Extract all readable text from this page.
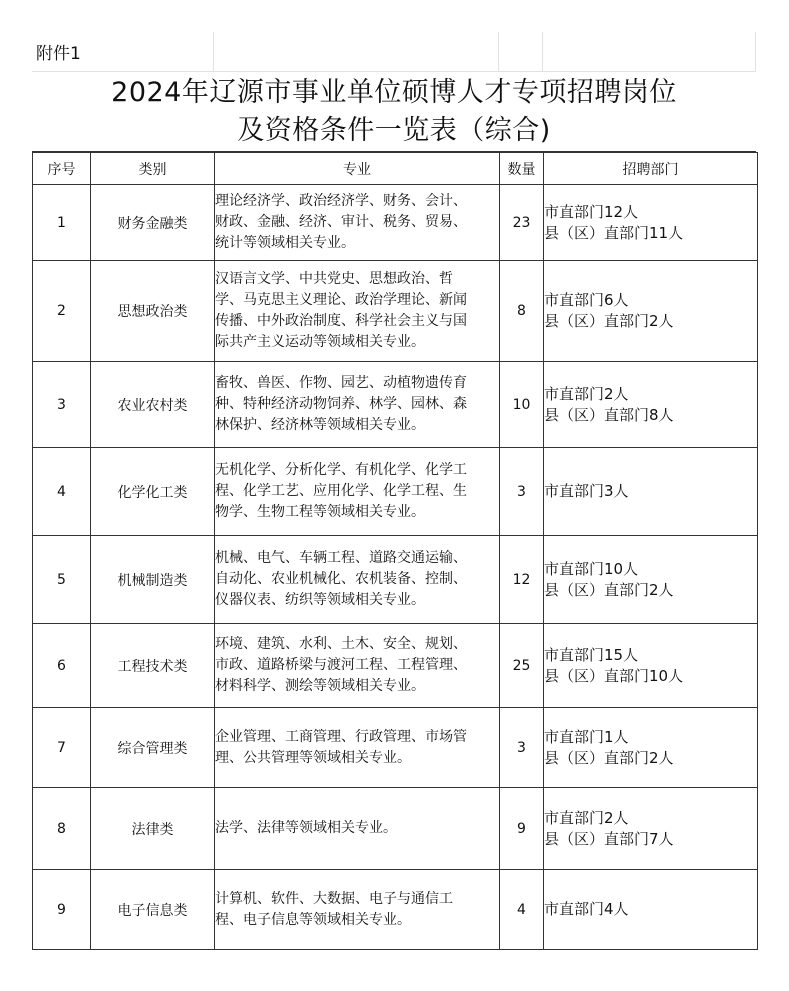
附件1
2024年辽源市事业单位硕博人才专项招聘岗位
及资格条件一览表（综合)
序号	类别	专业	数量	招聘部门
1	财务金融类	理论经济学、政治经济学、财务、会计、
财政、金融、经济、审计、税务、贸易、
统计等领域相关专业。	23	市直部门12人
县（区）直部门11人

2	思想政治类	汉语言文学、中共党史、思想政治、哲
学、马克思主义理论、政治学理论、新闻
传播、中外政治制度、科学社会主义与国
际共产主义运动等领域相关专业。	8	市直部门6人
县（区）直部门2人

3	农业农村类	畜牧、兽医、作物、园艺、动植物遗传育
种、特种经济动物饲养、林学、园林、森
林保护、经济林等领域相关专业。	10	市直部门2人
县（区）直部门8人

4	化学化工类	无机化学、分析化学、有机化学、化学工
程、化学工艺、应用化学、化学工程、生
物学、生物工程等领域相关专业。	3	市直部门3人

5	机械制造类	机械、电气、车辆工程、道路交通运输、
自动化、农业机械化、农机装备、控制、
仪器仪表、纺织等领域相关专业。	12	市直部门10人
县（区）直部门2人

6	工程技术类	环境、建筑、水利、土木、安全、规划、
市政、道路桥梁与渡河工程、工程管理、
材料科学、测绘等领域相关专业。	25	市直部门15人
县（区）直部门10人

7	综合管理类	企业管理、工商管理、行政管理、市场管
理、公共管理等领域相关专业。	3	市直部门1人
县（区）直部门2人

8	法律类	法学、法律等领域相关专业。	9	市直部门2人
县（区）直部门7人

9	电子信息类	计算机、软件、大数据、电子与通信工
程、电子信息等领域相关专业。	4	市直部门4人
